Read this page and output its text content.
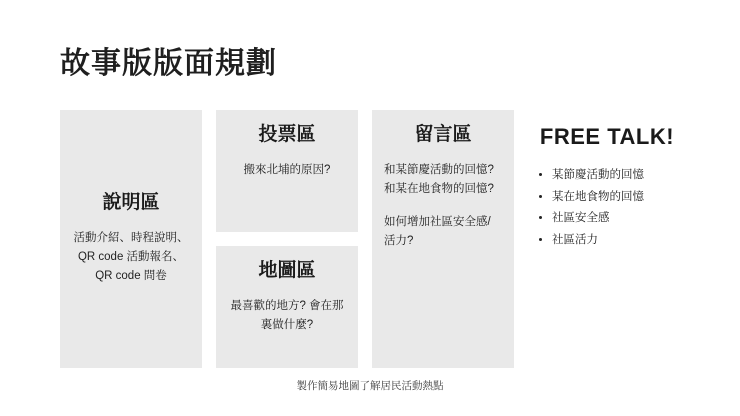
故事版版面規劃
說明區

活動介紹、時程說明、QR code 活動報名、QR code 問卷

投票區

搬來北埔的原因?

地圖區

最喜歡的地方? 會在那裏做什麼?

留言區

和某節慶活動的回憶? 和某在地食物的回憶?

如何增加社區安全感/活力?

FREE TALK!
• 某節慶活動的回憶
• 某在地食物的回憶
• 社區安全感
• 社區活力
製作簡易地圖了解居民活動熱點
